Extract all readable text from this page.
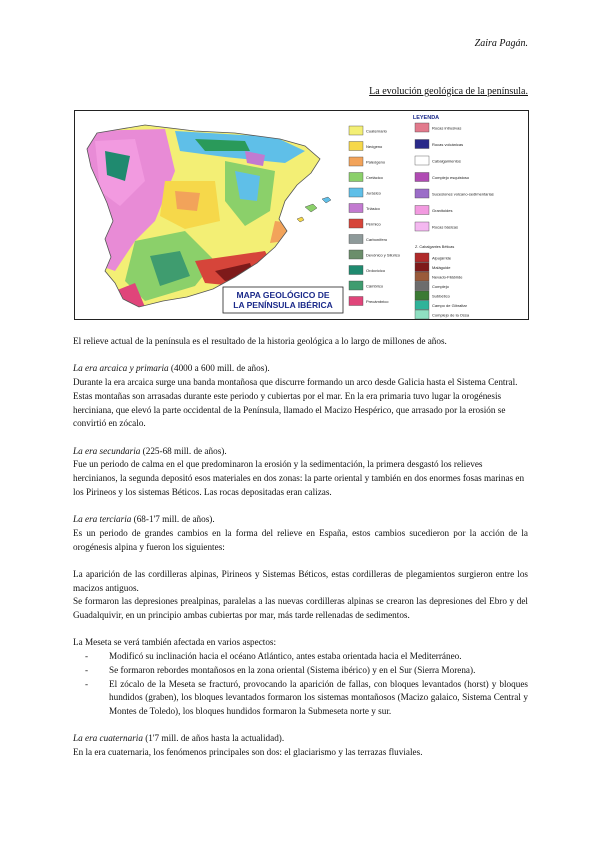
Zaira Pagán.
La evolución geológica de la península.
MAPA GEOLÓGICO DE
LA PENÍNSULA IBÉRICA
LEYENDA
Cuaternario
Neógeno
Paleógeno
Cretácico
Jurásico
Triásico
Pérmico
Carbonífero
Devónico y Silúrico
Ordovícico
Cámbrico
Precámbrico
Rocas intrusivas
Rocas volcánicas
Cabalgamientos
Complejo esquistoso
Sucesiones volcano-sedimentarias
Granitoides
Rocas básicas
Z. Cabalgantes Béticas
Alpujárride
Maláguide
Nevado-Filábride
Complejo
Subbético
Campo de Gibraltar
Complejo de la Ossa

El relieve actual de la península es el resultado de la historia geológica a lo largo de millones de años.

La era arcaica y primaria (4000 a 600 mill. de años).

Durante la era arcaica surge una banda montañosa que discurre formando un arco desde Galicia hasta el Sistema Central. Estas montañas son arrasadas durante este periodo y cubiertas por el mar. En la era primaria tuvo lugar la orogénesis herciniana, que elevó la parte occidental de la Península, llamado el Macizo Hespérico, que arrasado por la erosión se convirtió en zócalo.

La era secundaria (225-68 mill. de años).

Fue un periodo de calma en el que predominaron la erosión y la sedimentación, la primera desgastó los relieves hercinianos, la segunda depositó esos materiales en dos zonas: la parte oriental y también en dos enormes fosas marinas en los Pirineos y los sistemas Béticos. Las rocas depositadas eran calizas.

La era terciaria (68-1'7 mill. de años).

Es un periodo de grandes cambios en la forma del relieve en España, estos cambios sucedieron por la acción de la orogénesis alpina y fueron los siguientes:

La aparición de las cordilleras alpinas, Pirineos y Sistemas Béticos, estas cordilleras de plegamientos surgieron entre los macizos antiguos.

Se formaron las depresiones prealpinas, paralelas a las nuevas cordilleras alpinas se crearon las depresiones del Ebro y del Guadalquivir, en un principio ambas cubiertas por mar, más tarde rellenadas de sedimentos.

La Meseta se verá también afectada en varios aspectos:

- Modificó su inclinación hacia el océano Atlántico, antes estaba orientada hacia el Mediterráneo.
- Se formaron rebordes montañosos en la zona oriental (Sistema ibérico) y en el Sur (Sierra Morena).
- El zócalo de la Meseta se fracturó, provocando la aparición de fallas, con bloques levantados (horst) y bloques hundidos (graben), los bloques levantados formaron los sistemas montañosos (Macizo galaico, Sistema Central y Montes de Toledo), los bloques hundidos formaron la Submeseta norte y sur.

La era cuaternaria (1'7 mill. de años hasta la actualidad).

En la era cuaternaria, los fenómenos principales son dos: el glaciarismo y las terrazas fluviales.
